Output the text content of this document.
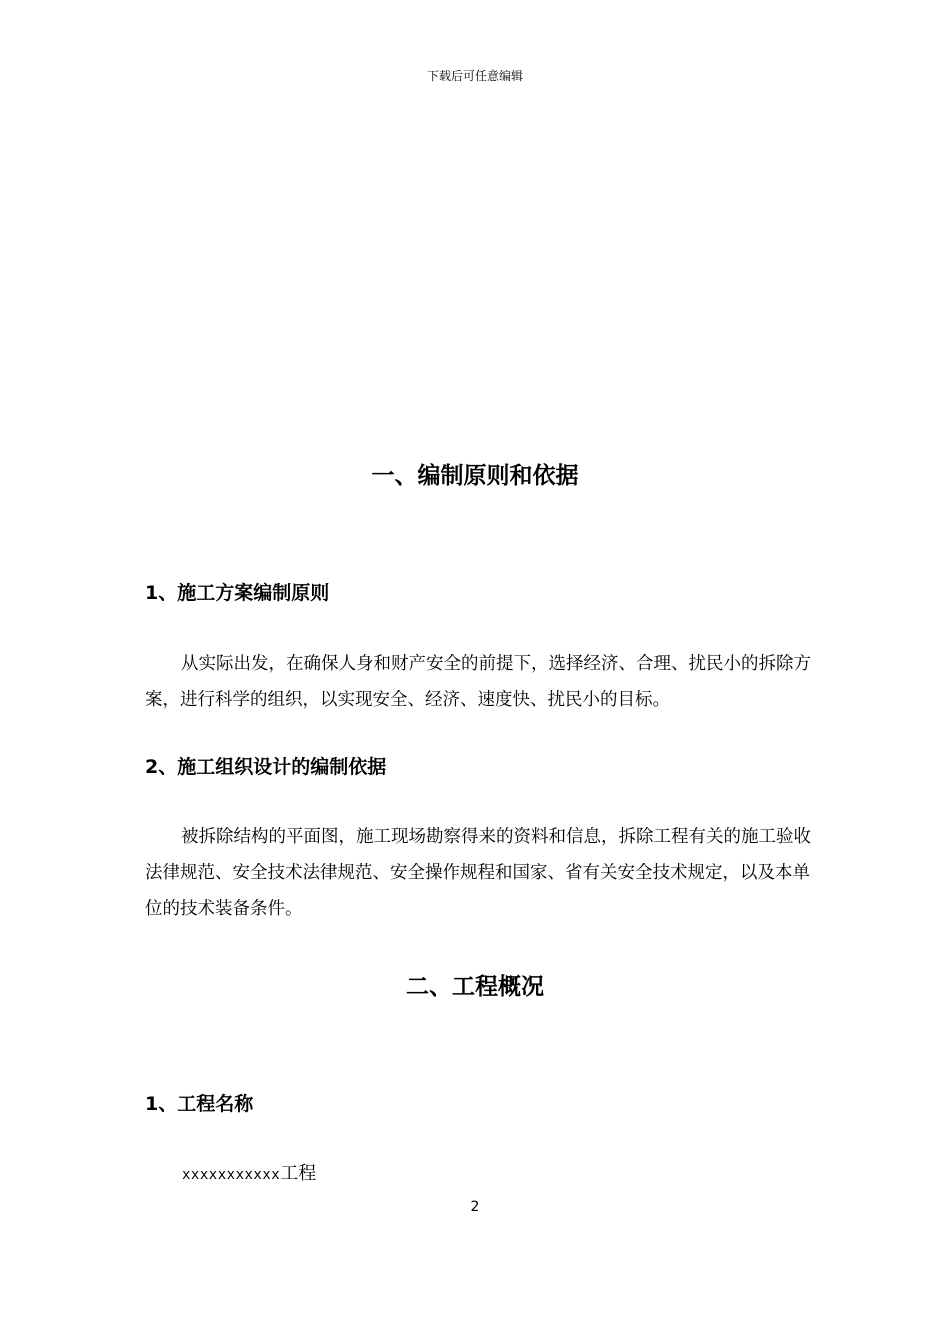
下载后可任意编辑
一、编制原则和依据
1、施工方案编制原则

从实际出发，在确保人身和财产安全的前提下，选择经济、合理、扰民小的拆除方案，进行科学的组织，以实现安全、经济、速度快、扰民小的目标。

2、施工组织设计的编制依据

被拆除结构的平面图，施工现场勘察得来的资料和信息，拆除工程有关的施工验收法律规范、安全技术法律规范、安全操作规程和国家、省有关安全技术规定，以及本单位的技术装备条件。

二、工程概况
1、工程名称
xxxxxxxxxxx工程
2
